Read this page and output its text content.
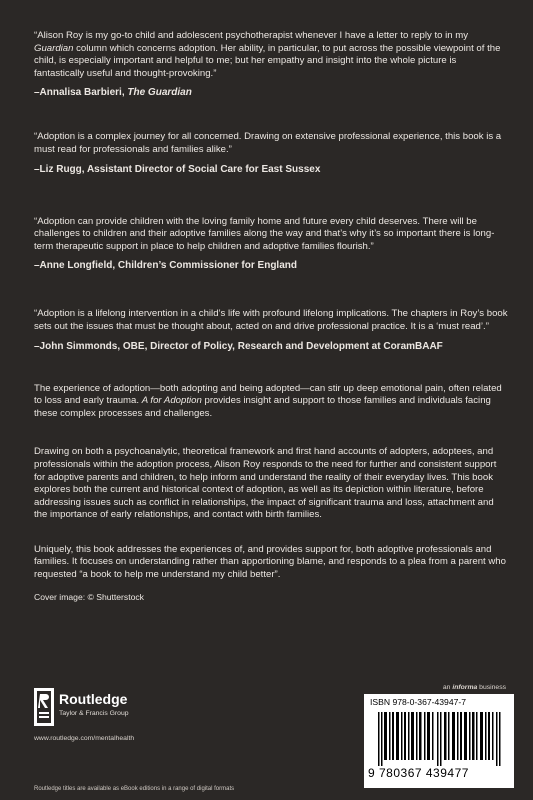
“Alison Roy is my go-to child and adolescent psychotherapist whenever I have a letter to reply to in my Guardian column which concerns adoption. Her ability, in particular, to put across the possible viewpoint of the child, is especially important and helpful to me; but her empathy and insight into the whole picture is fantastically useful and thought-provoking.”

–Annalisa Barbieri, The Guardian

“Adoption is a complex journey for all concerned. Drawing on extensive professional experience, this book is a must read for professionals and families alike.”

–Liz Rugg, Assistant Director of Social Care for East Sussex

“Adoption can provide children with the loving family home and future every child deserves. There will be challenges to children and their adoptive families along the way and that’s why it’s so important there is long-term therapeutic support in place to help children and adoptive families flourish.”

–Anne Longfield, Children’s Commissioner for England

“Adoption is a lifelong intervention in a child’s life with profound lifelong implications. The chapters in Roy’s book sets out the issues that must be thought about, acted on and drive professional practice. It is a ‘must read’.”

–John Simmonds, OBE, Director of Policy, Research and Development at CoramBAAF

The experience of adoption—both adopting and being adopted—can stir up deep emotional pain, often related to loss and early trauma. A for Adoption provides insight and support to those families and individuals facing these complex processes and challenges.

Drawing on both a psychoanalytic, theoretical framework and first hand accounts of adopters, adoptees, and professionals within the adoption process, Alison Roy responds to the need for further and consistent support for adoptive parents and children, to help inform and understand the reality of their everyday lives. This book explores both the current and historical context of adoption, as well as its depiction within literature, before addressing issues such as conflict in relationships, the impact of significant trauma and loss, attachment and the importance of early relationships, and contact with birth families.

Uniquely, this book addresses the experiences of, and provides support for, both adoptive professionals and families. It focuses on understanding rather than apportioning blame, and responds to a plea from a parent who requested “a book to help me understand my child better”.

Cover image: © Shutterstock
Routledge
Taylor & Francis Group
www.routledge.com/mentalhealth
Routledge titles are available as eBook editions in a range of digital formats
an informa business
ISBN 978-0-367-43947-7
9 780367 439477
